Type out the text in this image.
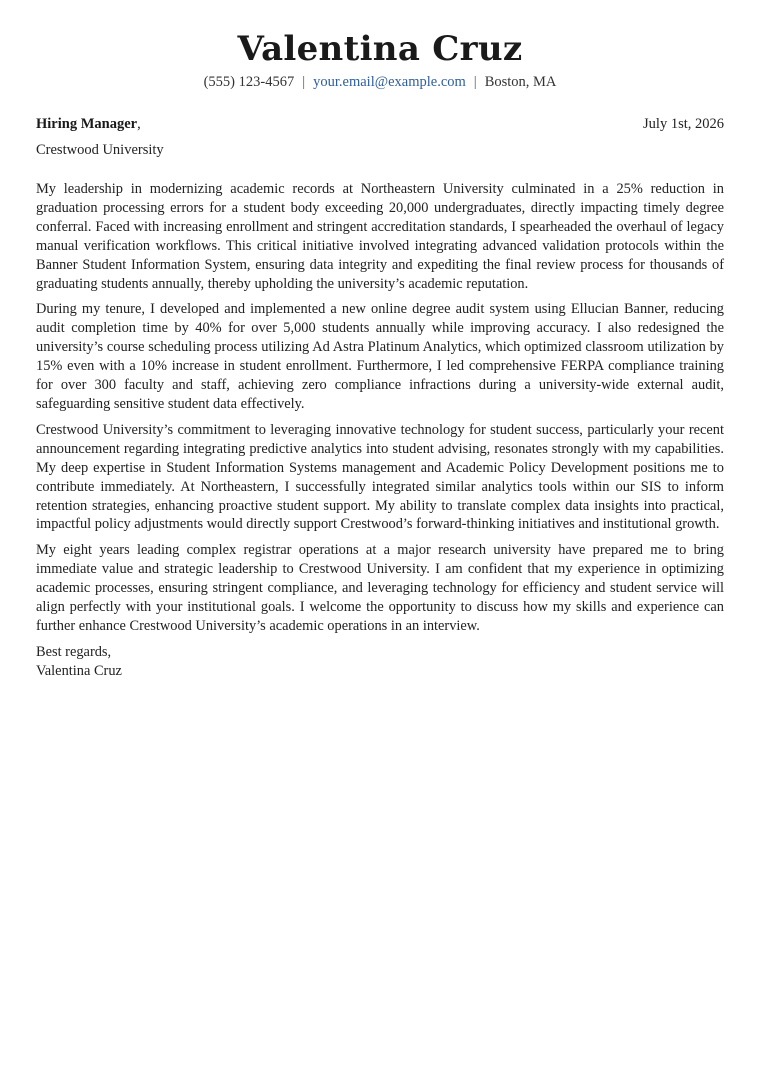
Valentina Cruz
(555) 123-4567 | your.email@example.com | Boston, MA
Hiring Manager,	July 1st, 2026
Crestwood University

My leadership in modernizing academic records at Northeastern University culminated in a 25% reduction in graduation processing errors for a student body exceeding 20,000 undergraduates, directly impacting timely degree conferral. Faced with increasing enrollment and stringent accreditation standards, I spearheaded the overhaul of legacy manual verification workflows. This critical initiative involved integrating advanced validation protocols within the Banner Student Information System, ensuring data integrity and expediting the final review process for thousands of graduating students annually, thereby upholding the university’s academic reputation.

During my tenure, I developed and implemented a new online degree audit system using Ellucian Banner, reducing audit completion time by 40% for over 5,000 students annually while improving accuracy. I also redesigned the university’s course scheduling process utilizing Ad Astra Platinum Analytics, which optimized classroom utilization by 15% even with a 10% increase in student enrollment. Furthermore, I led comprehensive FERPA compliance training for over 300 faculty and staff, achieving zero compliance infractions during a university-wide external audit, safeguarding sensitive student data effectively.

Crestwood University’s commitment to leveraging innovative technology for student success, particularly your recent announcement regarding integrating predictive analytics into student advising, resonates strongly with my capabilities. My deep expertise in Student Information Systems management and Academic Policy Development positions me to contribute immediately. At Northeastern, I successfully integrated similar analytics tools within our SIS to inform retention strategies, enhancing proactive student support. My ability to translate complex data insights into practical, impactful policy adjustments would directly support Crestwood’s forward-thinking initiatives and institutional growth.

My eight years leading complex registrar operations at a major research university have prepared me to bring immediate value and strategic leadership to Crestwood University. I am confident that my experience in optimizing academic processes, ensuring stringent compliance, and leveraging technology for efficiency and student service will align perfectly with your institutional goals. I welcome the opportunity to discuss how my skills and experience can further enhance Crestwood University’s academic operations in an interview.

Best regards,
Valentina Cruz
